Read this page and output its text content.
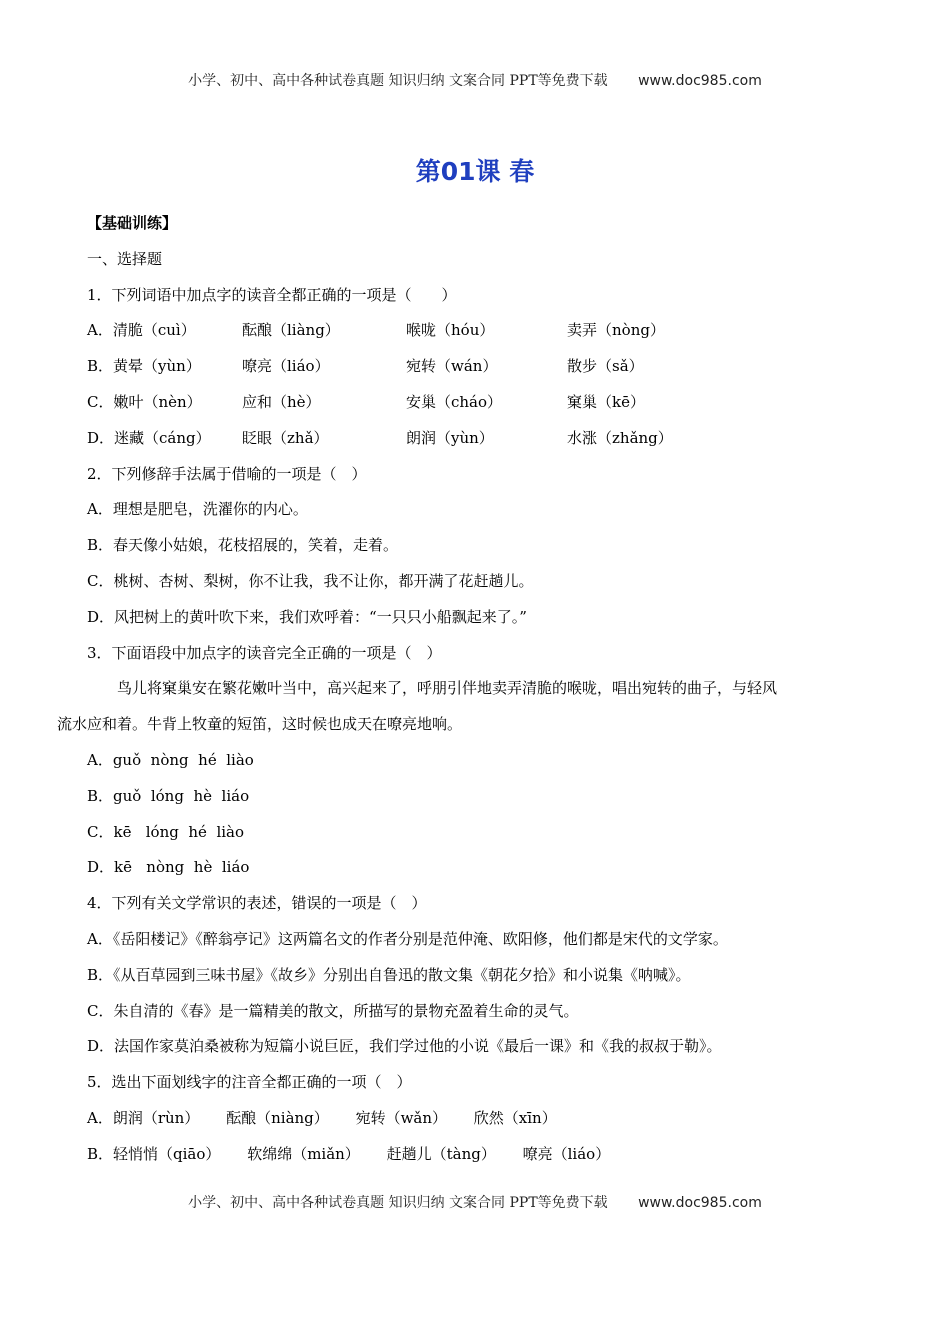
小学、初中、高中各种试卷真题 知识归纳 文案合同 PPT等免费下载 www.doc985.com
第01课 春
【基础训练】
一、选择题
1．下列词语中加点字的读音全都正确的一项是（　　）
A．清脆（cuì）	酝酿（liàng）	喉咙（hóu）	卖弄（nòng）
B．黄晕（yùn）	嘹亮（liáo）	宛转（wán）	散步（sǎ）
C．嫩叶（nèn）	应和（hè）	安巢（cháo）	窠巢（kē）
D．迷藏（cáng）	眨眼（zhǎ）	朗润（yùn）	水涨（zhǎng）
2．下列修辞手法属于借喻的一项是（　）
A．理想是肥皂，洗濯你的内心。
B．春天像小姑娘，花枝招展的，笑着，走着。
C．桃树、杏树、梨树，你不让我，我不让你，都开满了花赶趟儿。
D．风把树上的黄叶吹下来，我们欢呼着：“一只只小船飘起来了。”
3．下面语段中加点字的读音完全正确的一项是（　）
鸟儿将窠巢安在繁花嫩叶当中，高兴起来了，呼朋引伴地卖弄清脆的喉咙，唱出宛转的曲子，与轻风
流水应和着。牛背上牧童的短笛，这时候也成天在嘹亮地响。
A．guǒ  nòng  hé  liào
B．guǒ  lóng  hè  liáo
C．kē   lóng  hé  liào
D．kē   nòng  hè  liáo
4．下列有关文学常识的表述，错误的一项是（　）
A．《岳阳楼记》《醉翁亭记》这两篇名文的作者分别是范仲淹、欧阳修，他们都是宋代的文学家。
B．《从百草园到三味书屋》《故乡》分别出自鲁迅的散文集《朝花夕拾》和小说集《呐喊》。
C．朱自清的《春》是一篇精美的散文，所描写的景物充盈着生命的灵气。
D．法国作家莫泊桑被称为短篇小说巨匠，我们学过他的小说《最后一课》和《我的叔叔于勒》。
5．选出下面划线字的注音全都正确的一项（　）
A．朗润（rùn） 酝酿（niàng） 宛转（wǎn） 欣然（xīn）
B．轻悄悄（qiāo） 软绵绵（miǎn） 赶趟儿（tàng） 嘹亮（liáo）
小学、初中、高中各种试卷真题 知识归纳 文案合同 PPT等免费下载 www.doc985.com
